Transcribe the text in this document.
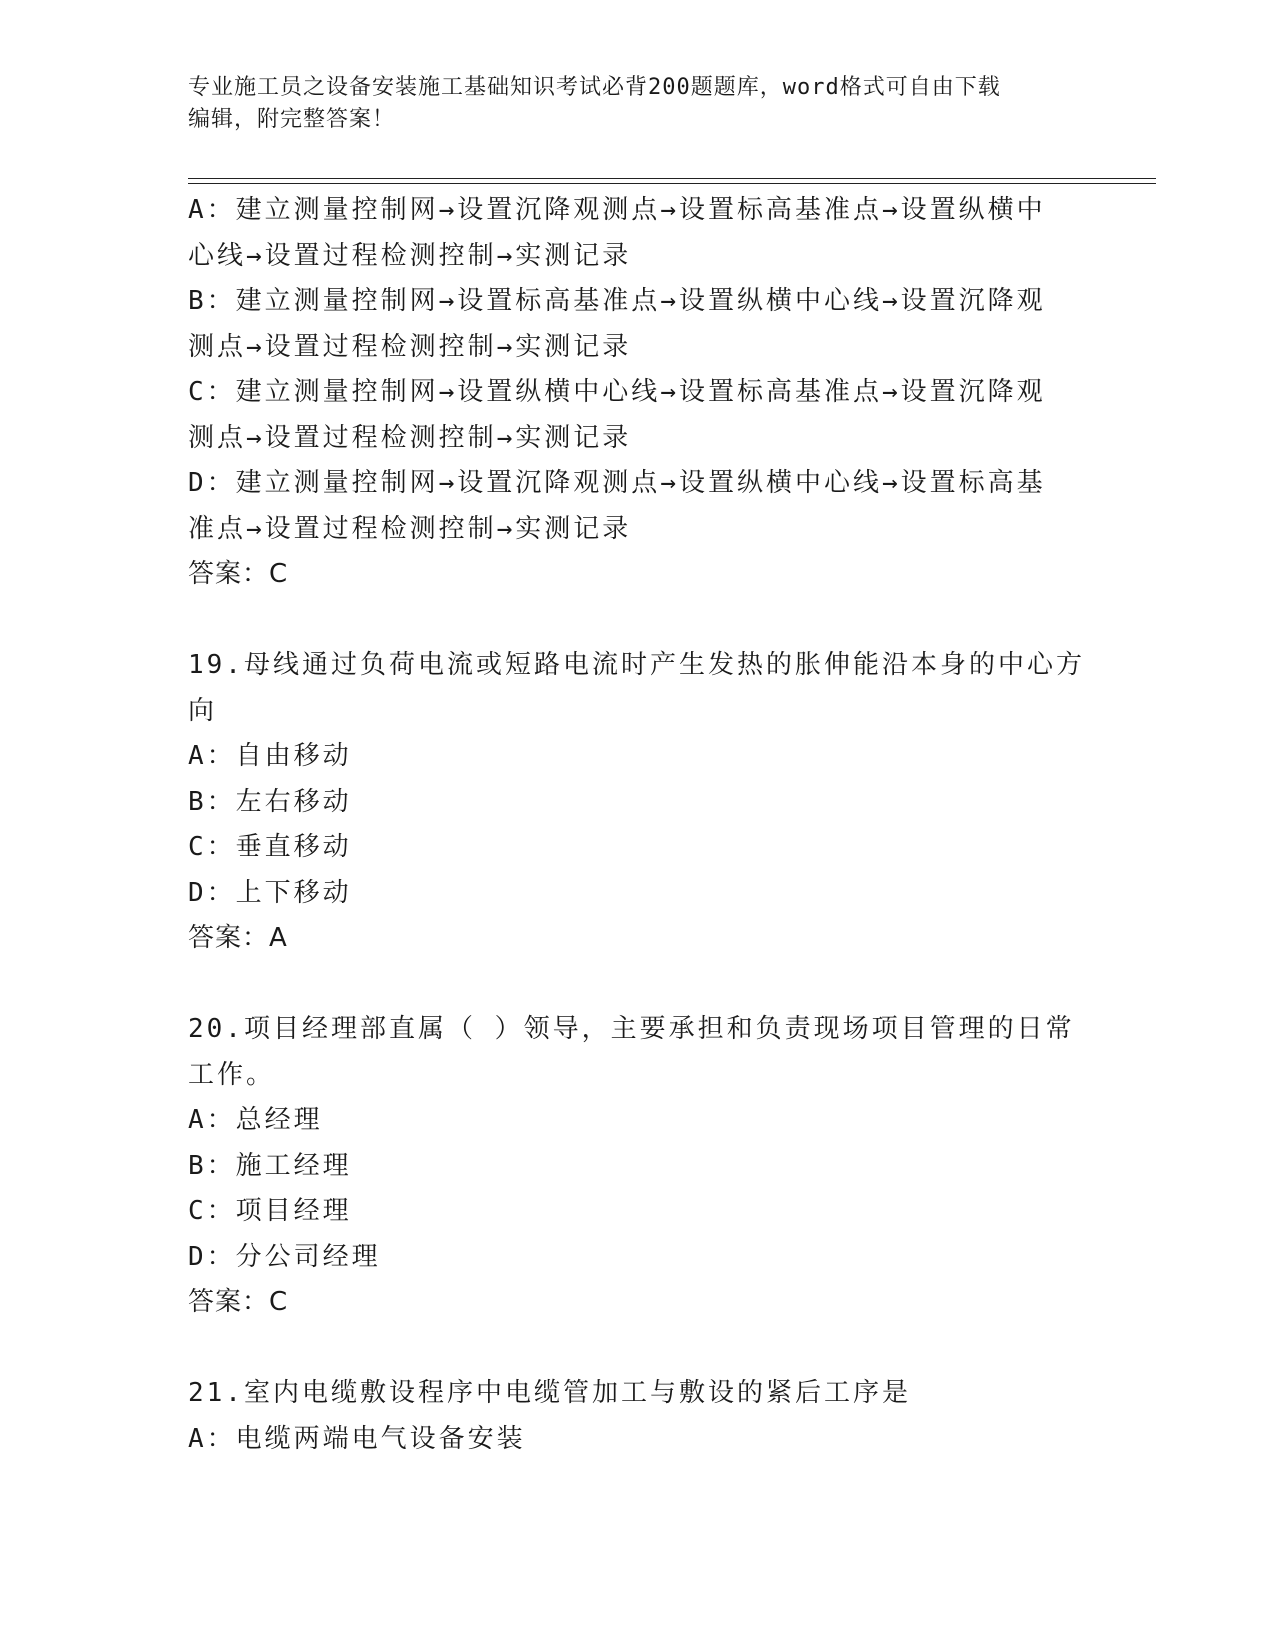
专业施工员之设备安装施工基础知识考试必背200题题库，word格式可自由下载
编辑，附完整答案！
A：建立测量控制网→设置沉降观测点→设置标高基准点→设置纵横中
心线→设置过程检测控制→实测记录
B：建立测量控制网→设置标高基准点→设置纵横中心线→设置沉降观
测点→设置过程检测控制→实测记录
C：建立测量控制网→设置纵横中心线→设置标高基准点→设置沉降观
测点→设置过程检测控制→实测记录
D：建立测量控制网→设置沉降观测点→设置纵横中心线→设置标高基
准点→设置过程检测控制→实测记录
答案：C
19.母线通过负荷电流或短路电流时产生发热的胀伸能沿本身的中心方
向
A：自由移动
B：左右移动
C：垂直移动
D：上下移动
答案：A
20.项目经理部直属（ ）领导，主要承担和负责现场项目管理的日常
工作。
A：总经理
B：施工经理
C：项目经理
D：分公司经理
答案：C
21.室内电缆敷设程序中电缆管加工与敷设的紧后工序是
A：电缆两端电气设备安装
